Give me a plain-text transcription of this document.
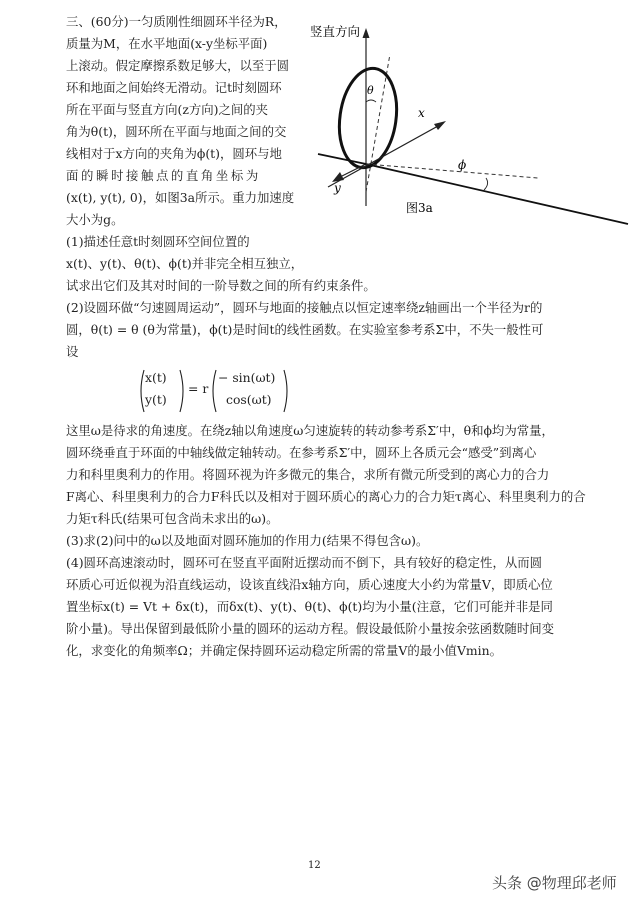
三、(60分)一匀质刚性细圆环半径为R，
质量为M，在水平地面(x-y坐标平面)
上滚动。假定摩擦系数足够大，以至于圆
环和地面之间始终无滑动。记t时刻圆环
所在平面与竖直方向(z方向)之间的夹
角为θ(t)，圆环所在平面与地面之间的交
线相对于x方向的夹角为ϕ(t)，圆环与地
面的瞬时接触点的直角坐标为
(x(t), y(t), 0)，如图3a所示。重力加速度
大小为g。
(1)描述任意t时刻圆环空间位置的
x(t)、y(t)、θ(t)、ϕ(t)并非完全相互独立，
竖直方向
θ
x
y
ϕ
图3a
试求出它们及其对时间的一阶导数之间的所有约束条件。
(2)设圆环做“匀速圆周运动”，圆环与地面的接触点以恒定速率绕z轴画出一个半径为r的
圆，θ(t) = θ (θ为常量)，ϕ(t)是时间t的线性函数。在实验室参考系Σ中，不失一般性可
设
x(t)
y(t)
= r
− sin(ωt)
cos(ωt)
这里ω是待求的角速度。在绕z轴以角速度ω匀速旋转的转动参考系Σ′中，θ和ϕ均为常量，
圆环绕垂直于环面的中轴线做定轴转动。在参考系Σ′中，圆环上各质元会“感受”到离心
力和科里奥利力的作用。将圆环视为许多微元的集合，求所有微元所受到的离心力的合力
F离心、科里奥利力的合力F科氏以及相对于圆环质心的离心力的合力矩τ离心、科里奥利力的合
力矩τ科氏(结果可包含尚未求出的ω)。
(3)求(2)问中的ω以及地面对圆环施加的作用力(结果不得包含ω)。
(4)圆环高速滚动时，圆环可在竖直平面附近摆动而不倒下，具有较好的稳定性，从而圆
环质心可近似视为沿直线运动，设该直线沿x轴方向，质心速度大小约为常量V，即质心位
置坐标x(t) = Vt + δx(t)，而δx(t)、y(t)、θ(t)、ϕ(t)均为小量(注意，它们可能并非是同
阶小量)。导出保留到最低阶小量的圆环的运动方程。假设最低阶小量按余弦函数随时间变
化，求变化的角频率Ω；并确定保持圆环运动稳定所需的常量V的最小值Vmin。
12
头条 @物理邱老师
